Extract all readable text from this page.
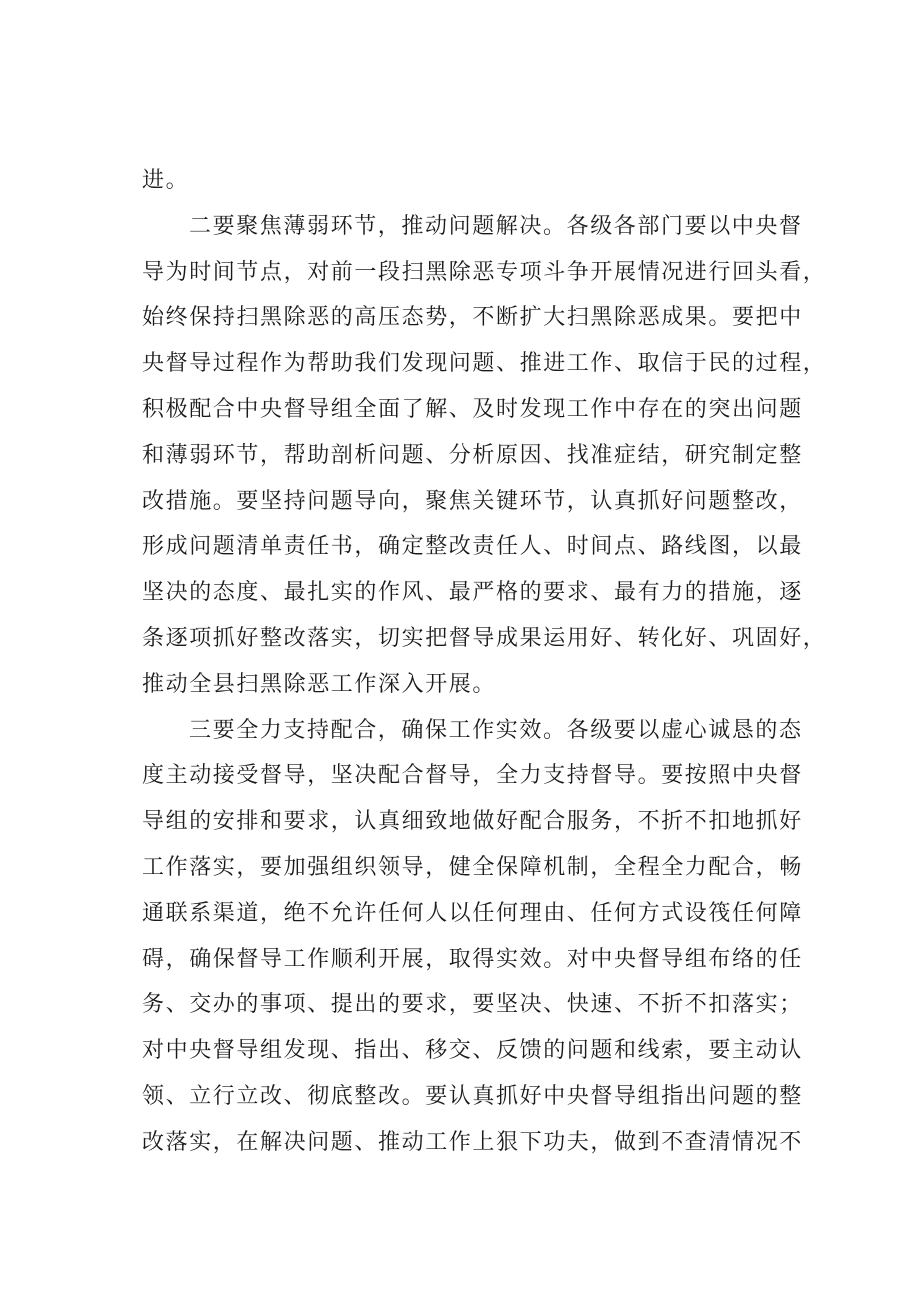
进。
二要聚焦薄弱环节，推动问题解决。各级各部门要以中央督
导为时间节点，对前一段扫黑除恶专项斗争开展情况进行回头看，
始终保持扫黑除恶的高压态势，不断扩大扫黑除恶成果。要把中
央督导过程作为帮助我们发现问题、推进工作、取信于民的过程，
积极配合中央督导组全面了解、及时发现工作中存在的突出问题
和薄弱环节，帮助剖析问题、分析原因、找准症结，研究制定整
改措施。要坚持问题导向，聚焦关键环节，认真抓好问题整改，
形成问题清单责任书，确定整改责任人、时间点、路线图，以最
坚决的态度、最扎实的作风、最严格的要求、最有力的措施，逐
条逐项抓好整改落实，切实把督导成果运用好、转化好、巩固好，
推动全县扫黑除恶工作深入开展。
三要全力支持配合，确保工作实效。各级要以虚心诚恳的态
度主动接受督导，坚决配合督导，全力支持督导。要按照中央督
导组的安排和要求，认真细致地做好配合服务，不折不扣地抓好
工作落实，要加强组织领导，健全保障机制，全程全力配合，畅
通联系渠道，绝不允许任何人以任何理由、任何方式设筏任何障
碍，确保督导工作顺利开展，取得实效。对中央督导组布络的任
务、交办的事项、提出的要求，要坚决、快速、不折不扣落实；
对中央督导组发现、指出、移交、反馈的问题和线索，要主动认
领、立行立改、彻底整改。要认真抓好中央督导组指出问题的整
改落实，在解决问题、推动工作上狠下功夫，做到不查清情况不
